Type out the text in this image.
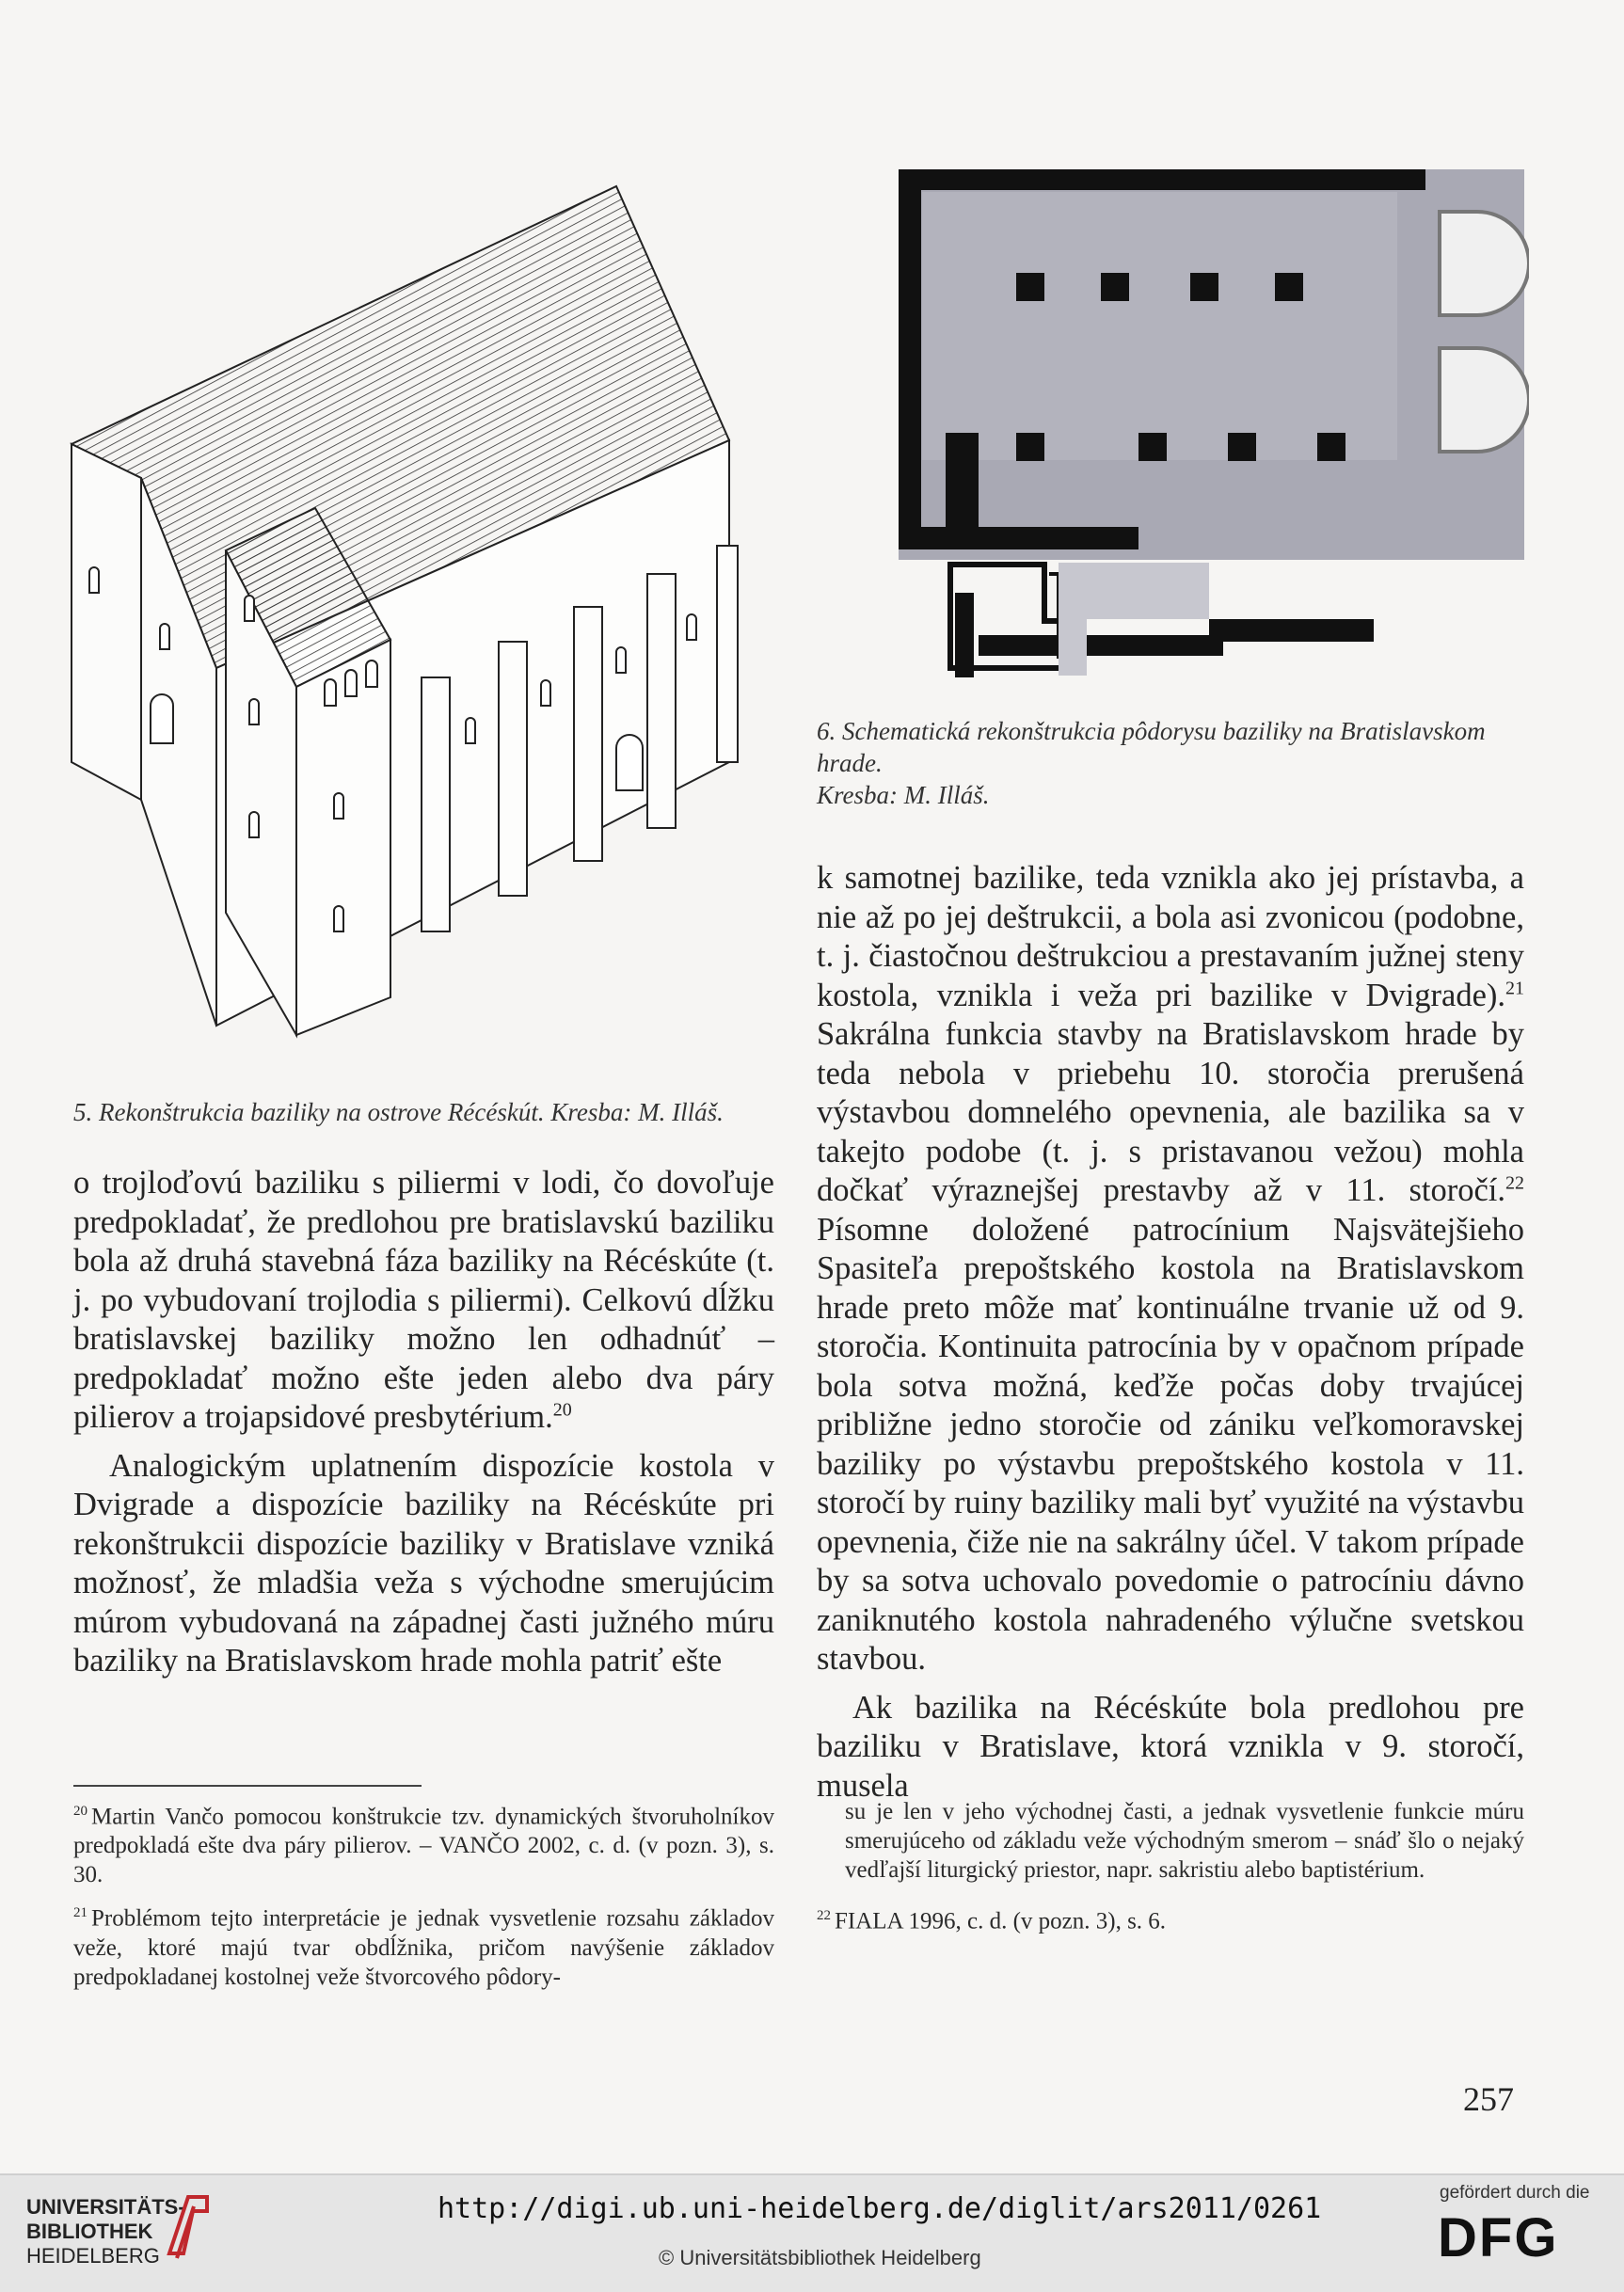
5. Rekonštrukcia baziliky na ostrove Récéskút. Kresba: M. Illáš.
6. Schematická rekonštrukcia pôdorysu baziliky na Bratislavskom hrade.
Kresba: M. Illáš.

o trojloďovú baziliku s piliermi v lodi, čo dovoľuje predpokladať, že predlohou pre bratislavskú baziliku bola až druhá stavebná fáza baziliky na Récéskúte (t. j. po vybudovaní trojlodia s piliermi). Celkovú dĺžku bratislavskej baziliky možno len odhadnúť – predpokladať možno ešte jeden alebo dva páry pilierov a trojapsidové presbytérium.$^{20}$

Analogickým uplatnením dispozície kostola v Dvigrade a dispozície baziliky na Récéskúte pri rekonštrukcii dispozície baziliky v Bratislave vzniká možnosť, že mladšia veža s východne smerujúcim múrom vybudovaná na západnej časti južného múru baziliky na Bratislavskom hrade mohla patriť ešte

k samotnej bazilike, teda vznikla ako jej prístavba, a nie až po jej deštrukcii, a bola asi zvonicou (podobne, t. j. čiastočnou deštrukciou a prestavaním južnej steny kostola, vznikla i veža pri bazilike v Dvigrade).$^{21}$ Sakrálna funkcia stavby na Bratislavskom hrade by teda nebola v priebehu 10. storočia prerušená výstavbou domnelého opevnenia, ale bazilika sa v takejto podobe (t. j. s pristavanou vežou) mohla dočkať výraznejšej prestavby až v 11. storočí.$^{22}$ Písomne doložené patrocínium Najsvätejšieho Spasiteľa prepoštského kostola na Bratislavskom hrade preto môže mať kontinuálne trvanie už od 9. storočia. Kontinuita patrocínia by v opačnom prípade bola sotva možná, keďže počas doby trvajúcej približne jedno storočie od zániku veľkomoravskej baziliky po výstavbu prepoštského kostola v 11. storočí by ruiny baziliky mali byť využité na výstavbu opevnenia, čiže nie na sakrálny účel. V takom prípade by sa sotva uchovalo povedomie o patrocíniu dávno zaniknutého kostola nahradeného výlučne svetskou stavbou.

Ak bazilika na Récéskúte bola predlohou pre baziliku v Bratislave, ktorá vznikla v 9. storočí, musela

$^{20}$ Martin Vančo pomocou konštrukcie tzv. dynamických štvoruholníkov predpokladá ešte dva páry pilierov. – VANČO 2002, c. d. (v pozn. 3), s. 30.

$^{21}$ Problémom tejto interpretácie je jednak vysvetlenie rozsahu základov veže, ktoré majú tvar obdĺžnika, pričom navýšenie základov predpokladanej kostolnej veže štvorcového pôdory-

su je len v jeho východnej časti, a jednak vysvetlenie funkcie múru smerujúceho od základu veže východným smerom – snáď šlo o nejaký vedľajší liturgický priestor, napr. sakristiu alebo baptistérium.

$^{22}$ FIALA 1996, c. d. (v pozn. 3), s. 6.

257
UNIVERSITÄTS-
BIBLIOTHEK
HEIDELBERG
http://digi.ub.uni-heidelberg.de/diglit/ars2011/0261
© Universitätsbibliothek Heidelberg
gefördert durch die
DFG
